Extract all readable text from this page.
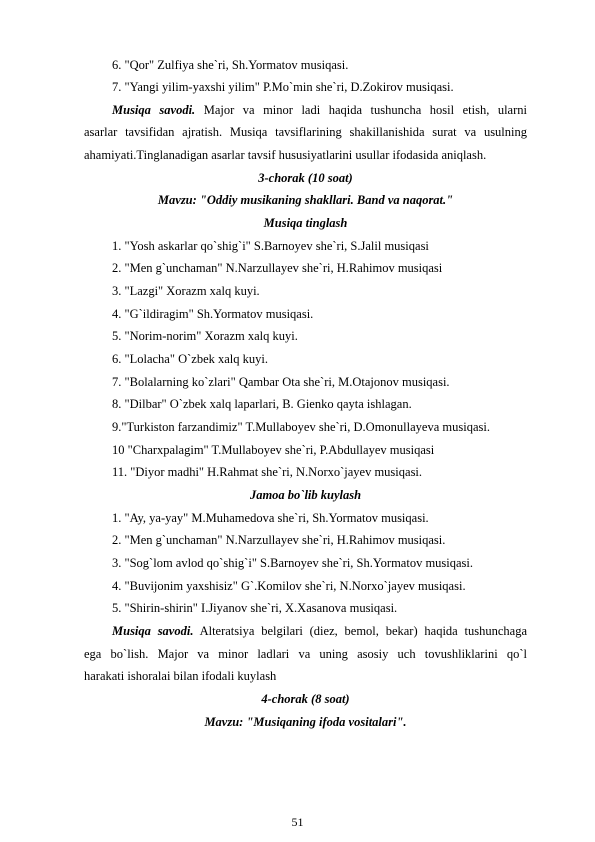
6. "Qor" Zulfiya she`ri, Sh.Yormatov musiqasi.
7. "Yangi yilim-yaxshi yilim" P.Mo`min she`ri, D.Zokirov musiqasi.
Musiqa savodi. Major va minor ladi haqida tushuncha hosil etish, ularni
asarlar tavsifidan ajratish. Musiqa tavsiflarining shakillanishida surat va usulning
ahamiyati.Tinglanadigan asarlar tavsif hususiyatlarini usullar ifodasida aniqlash.
3-chorak (10 soat)
Mavzu: "Oddiy musikaning shakllari. Band va naqorat."
Musiqa tinglash
1. "Yosh askarlar qo`shig`i" S.Barnoyev she`ri, S.Jalil musiqasi
2. "Men g`unchaman" N.Narzullayev she`ri, H.Rahimov musiqasi
3. "Lazgi" Xorazm xalq kuyi.
4. "G`ildiragim" Sh.Yormatov musiqasi.
5. "Norim-norim" Xorazm xalq kuyi.
6. "Lolacha" O`zbek xalq kuyi.
7. "Bolalarning ko`zlari" Qambar Ota she`ri, M.Otajonov musiqasi.
8. "Dilbar" O`zbek xalq laparlari, B. Gienko qayta ishlagan.
9."Turkiston farzandimiz" T.Mullaboyev she`ri, D.Omonullayeva musiqasi.
10 "Charxpalagim" T.Mullaboyev she`ri, P.Abdullayev musiqasi
11. "Diyor madhi" H.Rahmat she`ri, N.Norxo`jayev musiqasi.
Jamoa bo`lib kuylash
1. "Ay, ya-yay" M.Muhamedova she`ri, Sh.Yormatov musiqasi.
2. "Men g`unchaman" N.Narzullayev she`ri, H.Rahimov musiqasi.
3. "Sog`lom avlod qo`shig`i" S.Barnoyev she`ri, Sh.Yormatov musiqasi.
4. "Buvijonim yaxshisiz" G`.Komilov she`ri, N.Norxo`jayev musiqasi.
5. "Shirin-shirin" I.Jiyanov she`ri, X.Xasanova musiqasi.
Musiqa savodi. Alteratsiya belgilari (diez, bemol, bekar) haqida tushunchaga
ega bo`lish. Major va minor ladlari va uning asosiy uch tovushliklarini qo`l
harakati ishoralai bilan ifodali kuylash
4-chorak (8 soat)
Mavzu: "Musiqaning ifoda vositalari".
51
